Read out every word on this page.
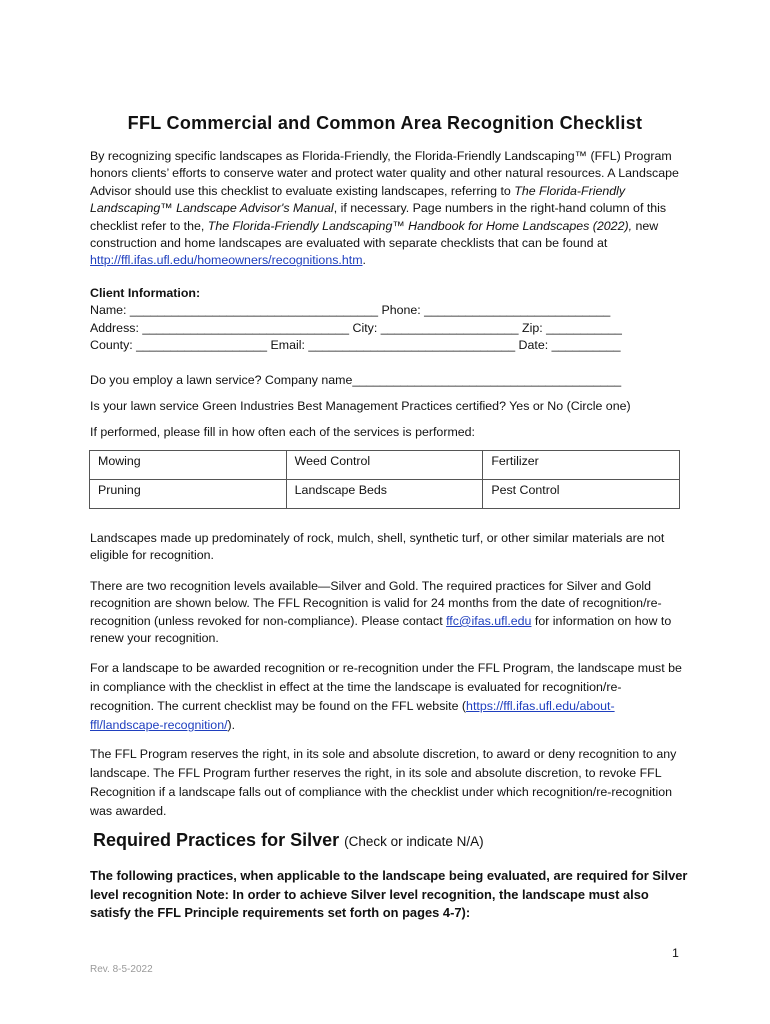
FFL Commercial and Common Area Recognition Checklist

By recognizing specific landscapes as Florida-Friendly, the Florida-Friendly Landscaping™ (FFL) Program honors clients’ efforts to conserve water and protect water quality and other natural resources. A Landscape Advisor should use this checklist to evaluate existing landscapes, referring to The Florida-Friendly Landscaping™ Landscape Advisor's Manual, if necessary. Page numbers in the right-hand column of this checklist refer to the, The Florida-Friendly Landscaping™ Handbook for Home Landscapes (2022), new construction and home landscapes are evaluated with separate checklists that can be found at http://ffl.ifas.ufl.edu/homeowners/recognitions.htm.

Client Information:
Name: ____________________________________ Phone: ___________________________
Address: ______________________________ City: ____________________ Zip: ___________
County: ___________________ Email: ______________________________ Date: __________
Do you employ a lawn service? Company name_______________________________________
Is your lawn service Green Industries Best Management Practices certified? Yes or No (Circle one)
If performed, please fill in how often each of the services is performed:
Mowing	Weed Control	Fertilizer
Pruning	Landscape Beds	Pest Control
Landscapes made up predominately of rock, mulch, shell, synthetic turf, or other similar materials are not eligible for recognition.

There are two recognition levels available—Silver and Gold. The required practices for Silver and Gold recognition are shown below. The FFL Recognition is valid for 24 months from the date of recognition/re-recognition (unless revoked for non-compliance). Please contact ffc@ifas.ufl.edu for information on how to renew your recognition.

For a landscape to be awarded recognition or re-recognition under the FFL Program, the landscape must be in compliance with the checklist in effect at the time the landscape is evaluated for recognition/re-recognition. The current checklist may be found on the FFL website (https://ffl.ifas.ufl.edu/about-ffl/landscape-recognition/).

The FFL Program reserves the right, in its sole and absolute discretion, to award or deny recognition to any landscape. The FFL Program further reserves the right, in its sole and absolute discretion, to revoke FFL Recognition if a landscape falls out of compliance with the checklist under which recognition/re-recognition was awarded.
Required Practices for Silver (Check or indicate N/A)
The following practices, when applicable to the landscape being evaluated, are required for Silver level recognition Note: In order to achieve Silver level recognition, the landscape must also satisfy the FFL Principle requirements set forth on pages 4-7):
1
Rev. 8-5-2022
